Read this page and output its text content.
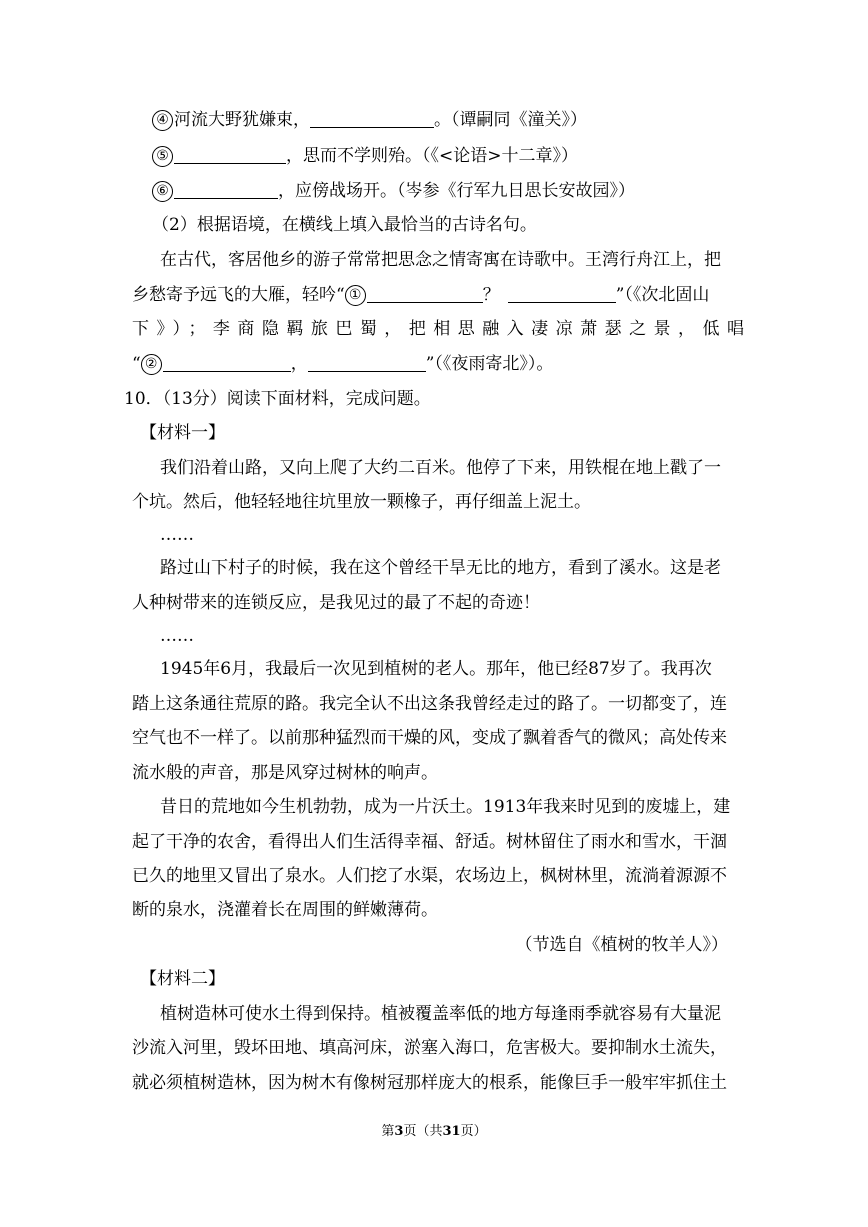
④ 河流大野犹嫌束，	。（谭嗣同《潼关》）
⑤	，思而不学则殆。（《<论语>十二章》）
⑥	，应傍战场开。（岑参《行军九日思长安故园》）
（2）根据语境，在横线上填入最恰当的古诗名句。
在古代，客居他乡的游子常常把思念之情寄寓在诗歌中。王湾行舟江上，把
乡愁寄予远飞的大雁，轻吟“ ①	？	”（《次北固山
下》）；李商隐羁旅巴蜀，把相思融入凄凉萧瑟之景，低唱
“ ②	，	”（《夜雨寄北》）。
10．（13分）阅读下面材料，完成问题。
【材料一】
我们沿着山路，又向上爬了大约二百米。他停了下来，用铁棍在地上戳了一
个坑。然后，他轻轻地往坑里放一颗橡子，再仔细盖上泥土。
……
路过山下村子的时候，我在这个曾经干旱无比的地方，看到了溪水。这是老
人种树带来的连锁反应，是我见过的最了不起的奇迹！
……
1945年6月，我最后一次见到植树的老人。那年，他已经87岁了。我再次
踏上这条通往荒原的路。我完全认不出这条我曾经走过的路了。一切都变了，连
空气也不一样了。以前那种猛烈而干燥的风，变成了飘着香气的微风；高处传来
流水般的声音，那是风穿过树林的响声。
昔日的荒地如今生机勃勃，成为一片沃土。1913年我来时见到的废墟上，建
起了干净的农舍，看得出人们生活得幸福、舒适。树林留住了雨水和雪水，干涸
已久的地里又冒出了泉水。人们挖了水渠，农场边上，枫树林里，流淌着源源不
断的泉水，浇灌着长在周围的鲜嫩薄荷。
（节选自《植树的牧羊人》）
【材料二】
植树造林可使水土得到保持。植被覆盖率低的地方每逢雨季就容易有大量泥
沙流入河里，毁坏田地、填高河床，淤塞入海口，危害极大。要抑制水土流失，
就必须植树造林，因为树木有像树冠那样庞大的根系，能像巨手一般牢牢抓住土
第3页（共31页）
